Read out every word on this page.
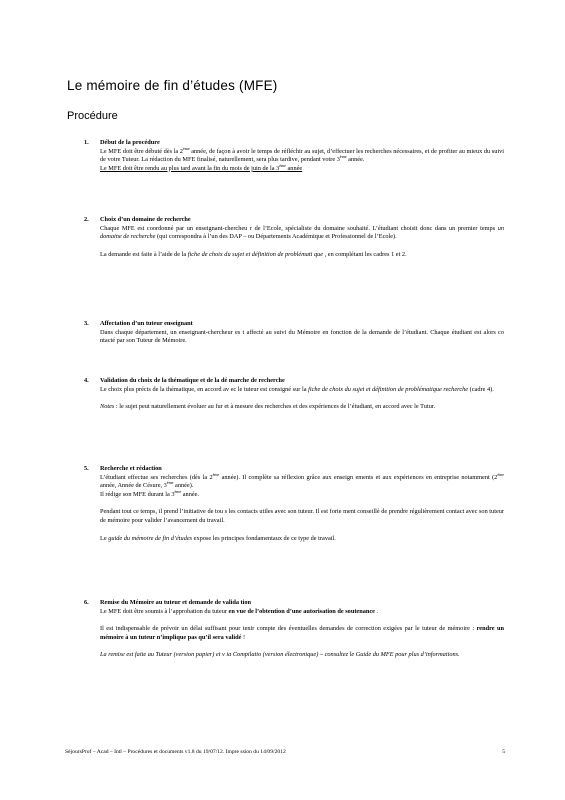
Le mémoire de fin d’études (MFE)
Procédure
1. Début de la procédure

Le MFE doit être débuté dès la 2ème année, de façon à avoir le temps de réfléchir au sujet, d’effectuer les recherches nécessaires, et de profiter au mieux du suivi de votre Tuteur. La rédaction du MFE finalisé, naturellement, sera plus tardive, pendant votre 3ème année.

Le MFE doit être rendu au plus tard avant la fin du mois de juin de la 3ème année

2. Choix d’un domaine de recherche

Chaque MFE est coordonné par un enseignant-chercheu r de l’Ecole, spécialiste du domaine souhaité. L’étudiant choisit donc dans un premier temps un domaine de recherche (qui correspondra à l’un des DAP – ou Départements Académique et Professionnel de l’Ecole).

La demande est faite à l’aide de la fiche de choix du sujet et définition de problémati que , en complétant les cadres 1 et 2.

3. Affectation d’un tuteur enseignant

Dans chaque département, un enseignant-chercheur es t affecté au suivi du Mémoire en fonction de la demande de l’étudiant. Chaque étudiant est alors co ntacté par son Tuteur de Mémoire.

4. Validation du choix de la thématique et de la dé marche de recherche

Le choix plus précis de la thématique, en accord av ec le tuteur est consigné sur la fiche de choix du sujet et définition de problématique recherche (cadre 4).

Notes : le sujet peut naturellement évoluer au fur et à mesure des recherches et des expériences de l’étudiant, en accord avec le Tutur.

5. Recherche et rédaction

L’étudiant effectue ses recherches (dès la 2ème année). Il complète sa réflexion grâce aux enseign ements et aux expériences en entreprise notamment (2ème année, Année de Césure, 3ème année).
Il rédige son MFE durant la 3ème année.

Pendant tout ce temps, il prend l’initiative de tou s les contacts utiles avec son tuteur. Il est forte ment conseillé de prendre régulièrement contact avec son tuteur de mémoire pour valider l’avancement du travail.

Le guide du mémoire de fin d’études expose les principes fondamentaux de ce type de travail.

6. Remise du Mémoire au tuteur et demande de valida tion

Le MFE doit être soumis à l’approbation du tuteur en vue de l’obtention d’une autorisation de soutenance .

Il est indispensable de prévoir un délai suffisant pour tenir compte des éventuelles demandes de correction exigées par le tuteur de mémoire : rendre un mémoire à un tuteur n’implique pas qu’il sera validé !

La remise est faite au Tuteur (version papier) et v ia Compilatio (version électronique) – consultez le Guide du MFE pour plus d’informations.

SéjoursProf – Acad – Intl – Procédures et documents v1.8 du 19/07/12. Impre ssion du 14/09/2012	5
